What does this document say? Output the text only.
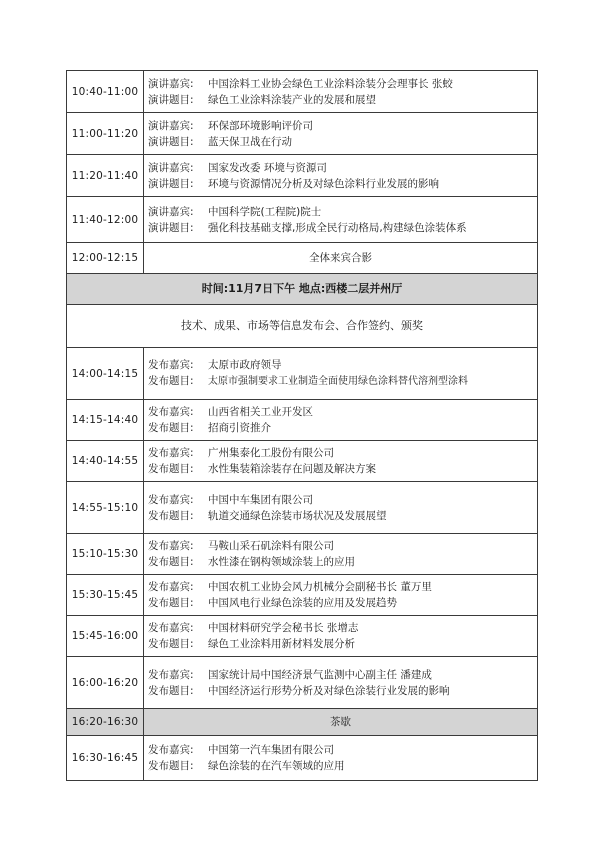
10:40-11:00	演讲嘉宾: 中国涂料工业协会绿色工业涂料涂装分会理事长 张蛟
演讲题目: 绿色工业涂料涂装产业的发展和展望

11:00-11:20	演讲嘉宾: 环保部环境影响评价司
演讲题目: 蓝天保卫战在行动

11:20-11:40	演讲嘉宾: 国家发改委 环境与资源司
演讲题目: 环境与资源情况分析及对绿色涂料行业发展的影响

11:40-12:00	演讲嘉宾: 中国科学院(工程院)院士
演讲题目: 强化科技基础支撑,形成全民行动格局,构建绿色涂装体系

12:00-12:15	全体来宾合影
时间:11月7日下午 地点:西楼二层并州厅	
技术、成果、市场等信息发布会、合作签约、颁奖	
14:00-14:15	发布嘉宾: 太原市政府领导
发布题目: 太原市强制要求工业制造全面使用绿色涂料替代溶剂型涂料

14:15-14:40	发布嘉宾: 山西省相关工业开发区
发布题目: 招商引资推介

14:40-14:55	发布嘉宾: 广州集泰化工股份有限公司
发布题目: 水性集装箱涂装存在问题及解决方案

14:55-15:10	发布嘉宾: 中国中车集团有限公司
发布题目: 轨道交通绿色涂装市场状况及发展展望

15:10-15:30	发布嘉宾: 马鞍山采石矶涂料有限公司
发布题目: 水性漆在钢构领域涂装上的应用

15:30-15:45	发布嘉宾: 中国农机工业协会风力机械分会副秘书长 董万里
发布题目: 中国风电行业绿色涂装的应用及发展趋势

15:45-16:00	发布嘉宾: 中国材料研究学会秘书长 张增志
发布题目: 绿色工业涂料用新材料发展分析

16:00-16:20	发布嘉宾: 国家统计局中国经济景气监测中心副主任 潘建成
发布题目: 中国经济运行形势分析及对绿色涂装行业发展的影响

16:20-16:30	茶歇
16:30-16:45	发布嘉宾: 中国第一汽车集团有限公司
发布题目: 绿色涂装的在汽车领域的应用
